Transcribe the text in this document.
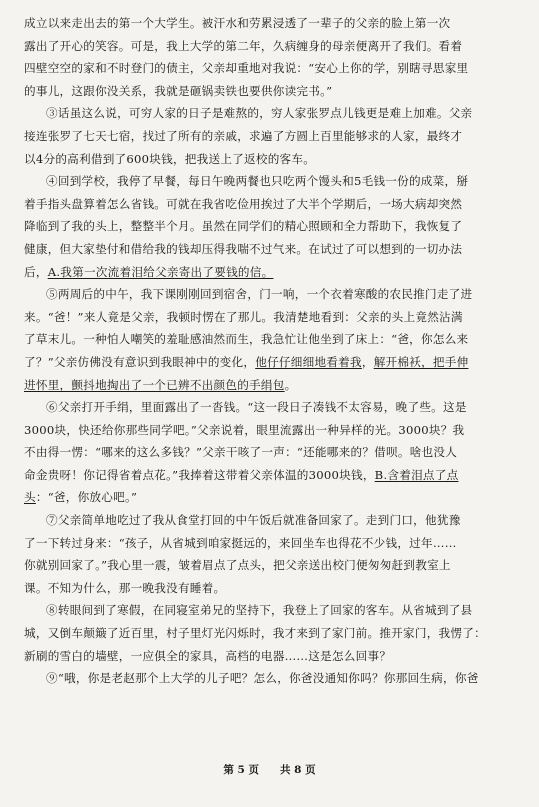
成立以来走出去的第一个大学生。被汗水和劳累浸透了一辈子的父亲的脸上第一次
露出了开心的笑容。可是，我上大学的第二年，久病缠身的母亲便离开了我们。看着
四壁空空的家和不时登门的债主，父亲却重地对我说：“安心上你的学，别瞎寻思家里
的事儿，这跟你没关系，我就是砸锅卖铁也要供你读完书。”

③话虽这么说，可穷人家的日子是难熬的，穷人家张罗点儿钱更是难上加难。父亲
接连张罗了七天七宿，找过了所有的亲戚，求遍了方圆上百里能够求的人家，最终才
以4分的高利借到了600块钱，把我送上了返校的客车。

④回到学校，我停了早餐，每日午晚两餐也只吃两个馒头和5毛钱一份的成菜，掰
着手指头盘算着怎么省钱。可就在我省吃俭用挨过了大半个学期后，一场大病却突然
降临到了我的头上，整整半个月。虽然在同学们的精心照顾和全力帮助下，我恢复了
健康，但大家垫付和借给我的钱却压得我喘不过气来。在试过了可以想到的一切办法
后，A.我第一次流着泪给父亲寄出了要钱的信。

⑤两周后的中午，我下课刚刚回到宿舍，门一响，一个衣着寒酸的农民推门走了进
来。“爸！”来人竟是父亲，我顿时愣在了那儿。我清楚地看到：父亲的头上竟然沾满
了草末儿。一种怕人嘲笑的羞耻感油然而生，我急忙让他坐到了床上：“爸，你怎么来
了？”父亲仿佛没有意识到我眼神中的变化，他仔仔细细地看着我，解开棉袄，把手伸
进怀里，颤抖地掏出了一个已辨不出颜色的手绢包。

⑥父亲打开手绢，里面露出了一沓钱。“这一段日子凑钱不太容易，晚了些。这是
3000块，快还给你那些同学吧。”父亲说着，眼里流露出一种异样的光。3000块？我
不由得一愣：“哪来的这么多钱？”父亲干咳了一声：“还能哪来的？借呗。啥也没人
命金贵呀！你记得省着点花。”我捧着这带着父亲体温的3000块钱，B.含着泪点了点
头：“爸，你放心吧。”

⑦父亲简单地吃过了我从食堂打回的中午饭后就准备回家了。走到门口，他犹豫
了一下转过身来：“孩子，从省城到咱家挺远的，来回坐车也得花不少钱，过年……
你就别回家了。”我心里一震，皱着眉点了点头，把父亲送出校门便匆匆赶到教室上
课。不知为什么，那一晚我没有睡着。

⑧转眼间到了寒假，在同寝室弟兄的坚持下，我登上了回家的客车。从省城到了县
城，又倒车颠簸了近百里，村子里灯光闪烁时，我才来到了家门前。推开家门，我愣了：
新刷的雪白的墙壁，一应俱全的家具，高档的电器……这是怎么回事？

⑨“哦，你是老赵那个上大学的儿子吧？怎么，你爸没通知你吗？你那回生病，你爸

第 5 页　　共 8 页
